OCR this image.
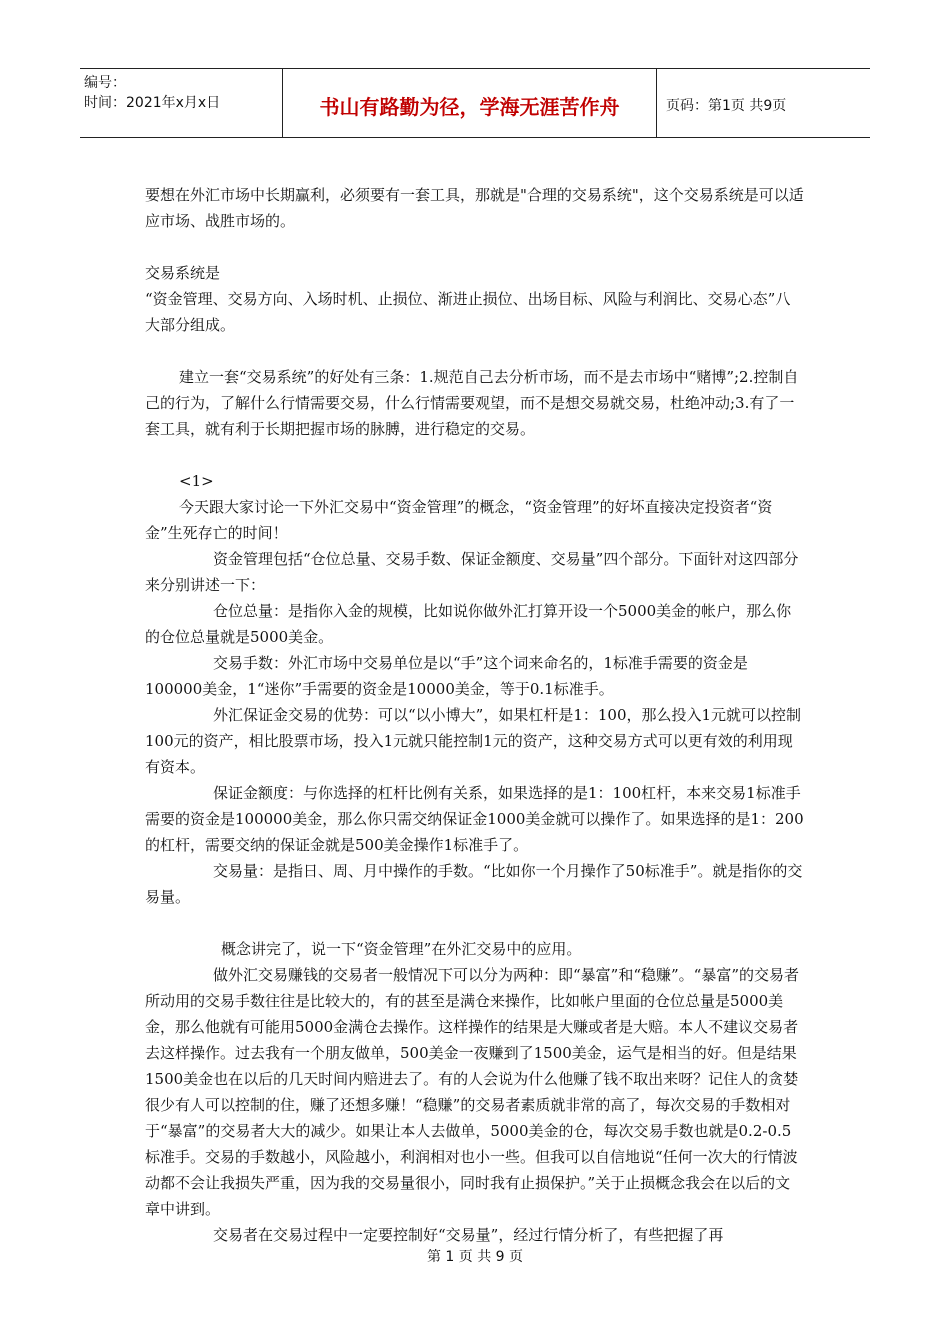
编号：
时间：2021年x月x日	书山有路勤为径，学海无涯苦作舟	页码：第1页 共9页

要想在外汇市场中长期赢利，必须要有一套工具，那就是"合理的交易系统"，这个交易系统是可以适应市场、战胜市场的。

交易系统是

“资金管理、交易方向、入场时机、止损位、渐进止损位、出场目标、风险与利润比、交易心态”八大部分组成。

建立一套“交易系统”的好处有三条：1.规范自己去分析市场，而不是去市场中“赌博”;2.控制自己的行为，了解什么行情需要交易，什么行情需要观望，而不是想交易就交易，杜绝冲动;3.有了一套工具，就有利于长期把握市场的脉膊，进行稳定的交易。

<1>

今天跟大家讨论一下外汇交易中“资金管理”的概念，“资金管理”的好坏直接决定投资者“资金”生死存亡的时间！

资金管理包括“仓位总量、交易手数、保证金额度、交易量”四个部分。下面针对这四部分来分别讲述一下：

仓位总量：是指你入金的规模，比如说你做外汇打算开设一个5000美金的帐户，那么你的仓位总量就是5000美金。

交易手数：外汇市场中交易单位是以“手”这个词来命名的，1标准手需要的资金是100000美金，1“迷你”手需要的资金是10000美金，等于0.1标准手。

外汇保证金交易的优势：可以“以小博大”，如果杠杆是1：100，那么投入1元就可以控制100元的资产，相比股票市场，投入1元就只能控制1元的资产，这种交易方式可以更有效的利用现有资本。

保证金额度：与你选择的杠杆比例有关系，如果选择的是1：100杠杆，本来交易1标准手需要的资金是100000美金，那么你只需交纳保证金1000美金就可以操作了。如果选择的是1：200的杠杆，需要交纳的保证金就是500美金操作1标准手了。

交易量：是指日、周、月中操作的手数。“比如你一个月操作了50标准手”。就是指你的交易量。

概念讲完了，说一下“资金管理”在外汇交易中的应用。

做外汇交易赚钱的交易者一般情况下可以分为两种：即“暴富”和“稳赚”。“暴富”的交易者所动用的交易手数往往是比较大的，有的甚至是满仓来操作，比如帐户里面的仓位总量是5000美金，那么他就有可能用5000金满仓去操作。这样操作的结果是大赚或者是大赔。本人不建议交易者去这样操作。过去我有一个朋友做单，500美金一夜赚到了1500美金，运气是相当的好。但是结果1500美金也在以后的几天时间内赔进去了。有的人会说为什么他赚了钱不取出来呀？记住人的贪婪很少有人可以控制的住，赚了还想多赚！“稳赚”的交易者素质就非常的高了，每次交易的手数相对于“暴富”的交易者大大的减少。如果让本人去做单，5000美金的仓，每次交易手数也就是0.2-0.5标准手。交易的手数越小，风险越小，利润相对也小一些。但我可以自信地说“任何一次大的行情波动都不会让我损失严重，因为我的交易量很小，同时我有止损保护。”关于止损概念我会在以后的文章中讲到。

交易者在交易过程中一定要控制好“交易量”，经过行情分析了，有些把握了再

第 1 页 共 9 页
